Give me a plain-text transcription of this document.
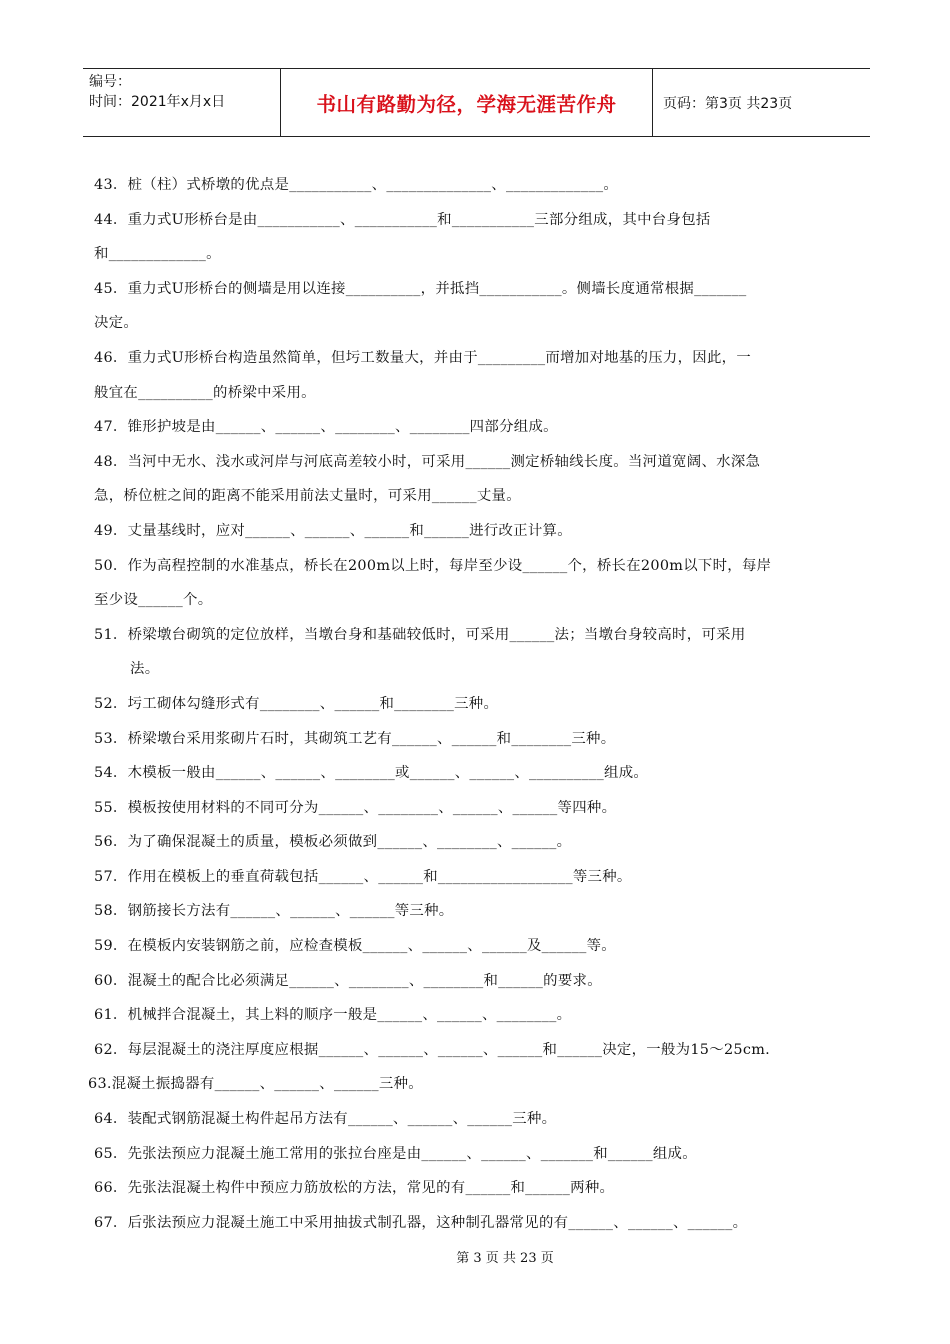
编号：
时间：2021年x月x日	书山有路勤为径，学海无涯苦作舟	页码：第3页 共23页
43．桩（柱）式桥墩的优点是___________、______________、_____________。
44．重力式U形桥台是由___________、___________和___________三部分组成，其中台身包括
和_____________。
45．重力式U形桥台的侧墙是用以连接__________，并抵挡___________。侧墙长度通常根据_______
决定。
46．重力式U形桥台构造虽然简单，但圬工数量大，并由于_________而增加对地基的压力，因此，一
般宜在__________的桥梁中采用。
47．锥形护坡是由______、______、________、________四部分组成。
48．当河中无水、浅水或河岸与河底高差较小时，可采用______测定桥轴线长度。当河道宽阔、水深急
急，桥位桩之间的距离不能采用前法丈量时，可采用______丈量。
49．丈量基线时，应对______、______、______和______进行改正计算。
50．作为高程控制的水准基点，桥长在200m以上时，每岸至少设______个，桥长在200m以下时，每岸
至少设______个。
51．桥梁墩台砌筑的定位放样，当墩台身和基础较低时，可采用______法；当墩台身较高时，可采用
法。
52．圬工砌体勾缝形式有________、______和________三种。
53．桥梁墩台采用浆砌片石时，其砌筑工艺有______、______和________三种。
54．木模板一般由______、______、________或______、______、__________组成。
55．模板按使用材料的不同可分为______、________、______、______等四种。
56．为了确保混凝土的质量，模板必须做到______、________、______。
57．作用在模板上的垂直荷载包括______、______和__________________等三种。
58．钢筋接长方法有______、______、______等三种。
59．在模板内安装钢筋之前，应检查模板______、______、______及______等。
60．混凝土的配合比必须满足______、________、________和______的要求。
61．机械拌合混凝土，其上料的顺序一般是______、______、________。
62．每层混凝土的浇注厚度应根据______、______、______、______和______决定，一般为15～25cm.
63.混凝土振捣器有______、______、______三种。
64．装配式钢筋混凝土构件起吊方法有______、______、______三种。
65．先张法预应力混凝土施工常用的张拉台座是由______、______、_______和______组成。
66．先张法混凝土构件中预应力筋放松的方法，常见的有______和______两种。
67．后张法预应力混凝土施工中采用抽拔式制孔器，这种制孔器常见的有______、______、______。
第 3 页 共 23 页
